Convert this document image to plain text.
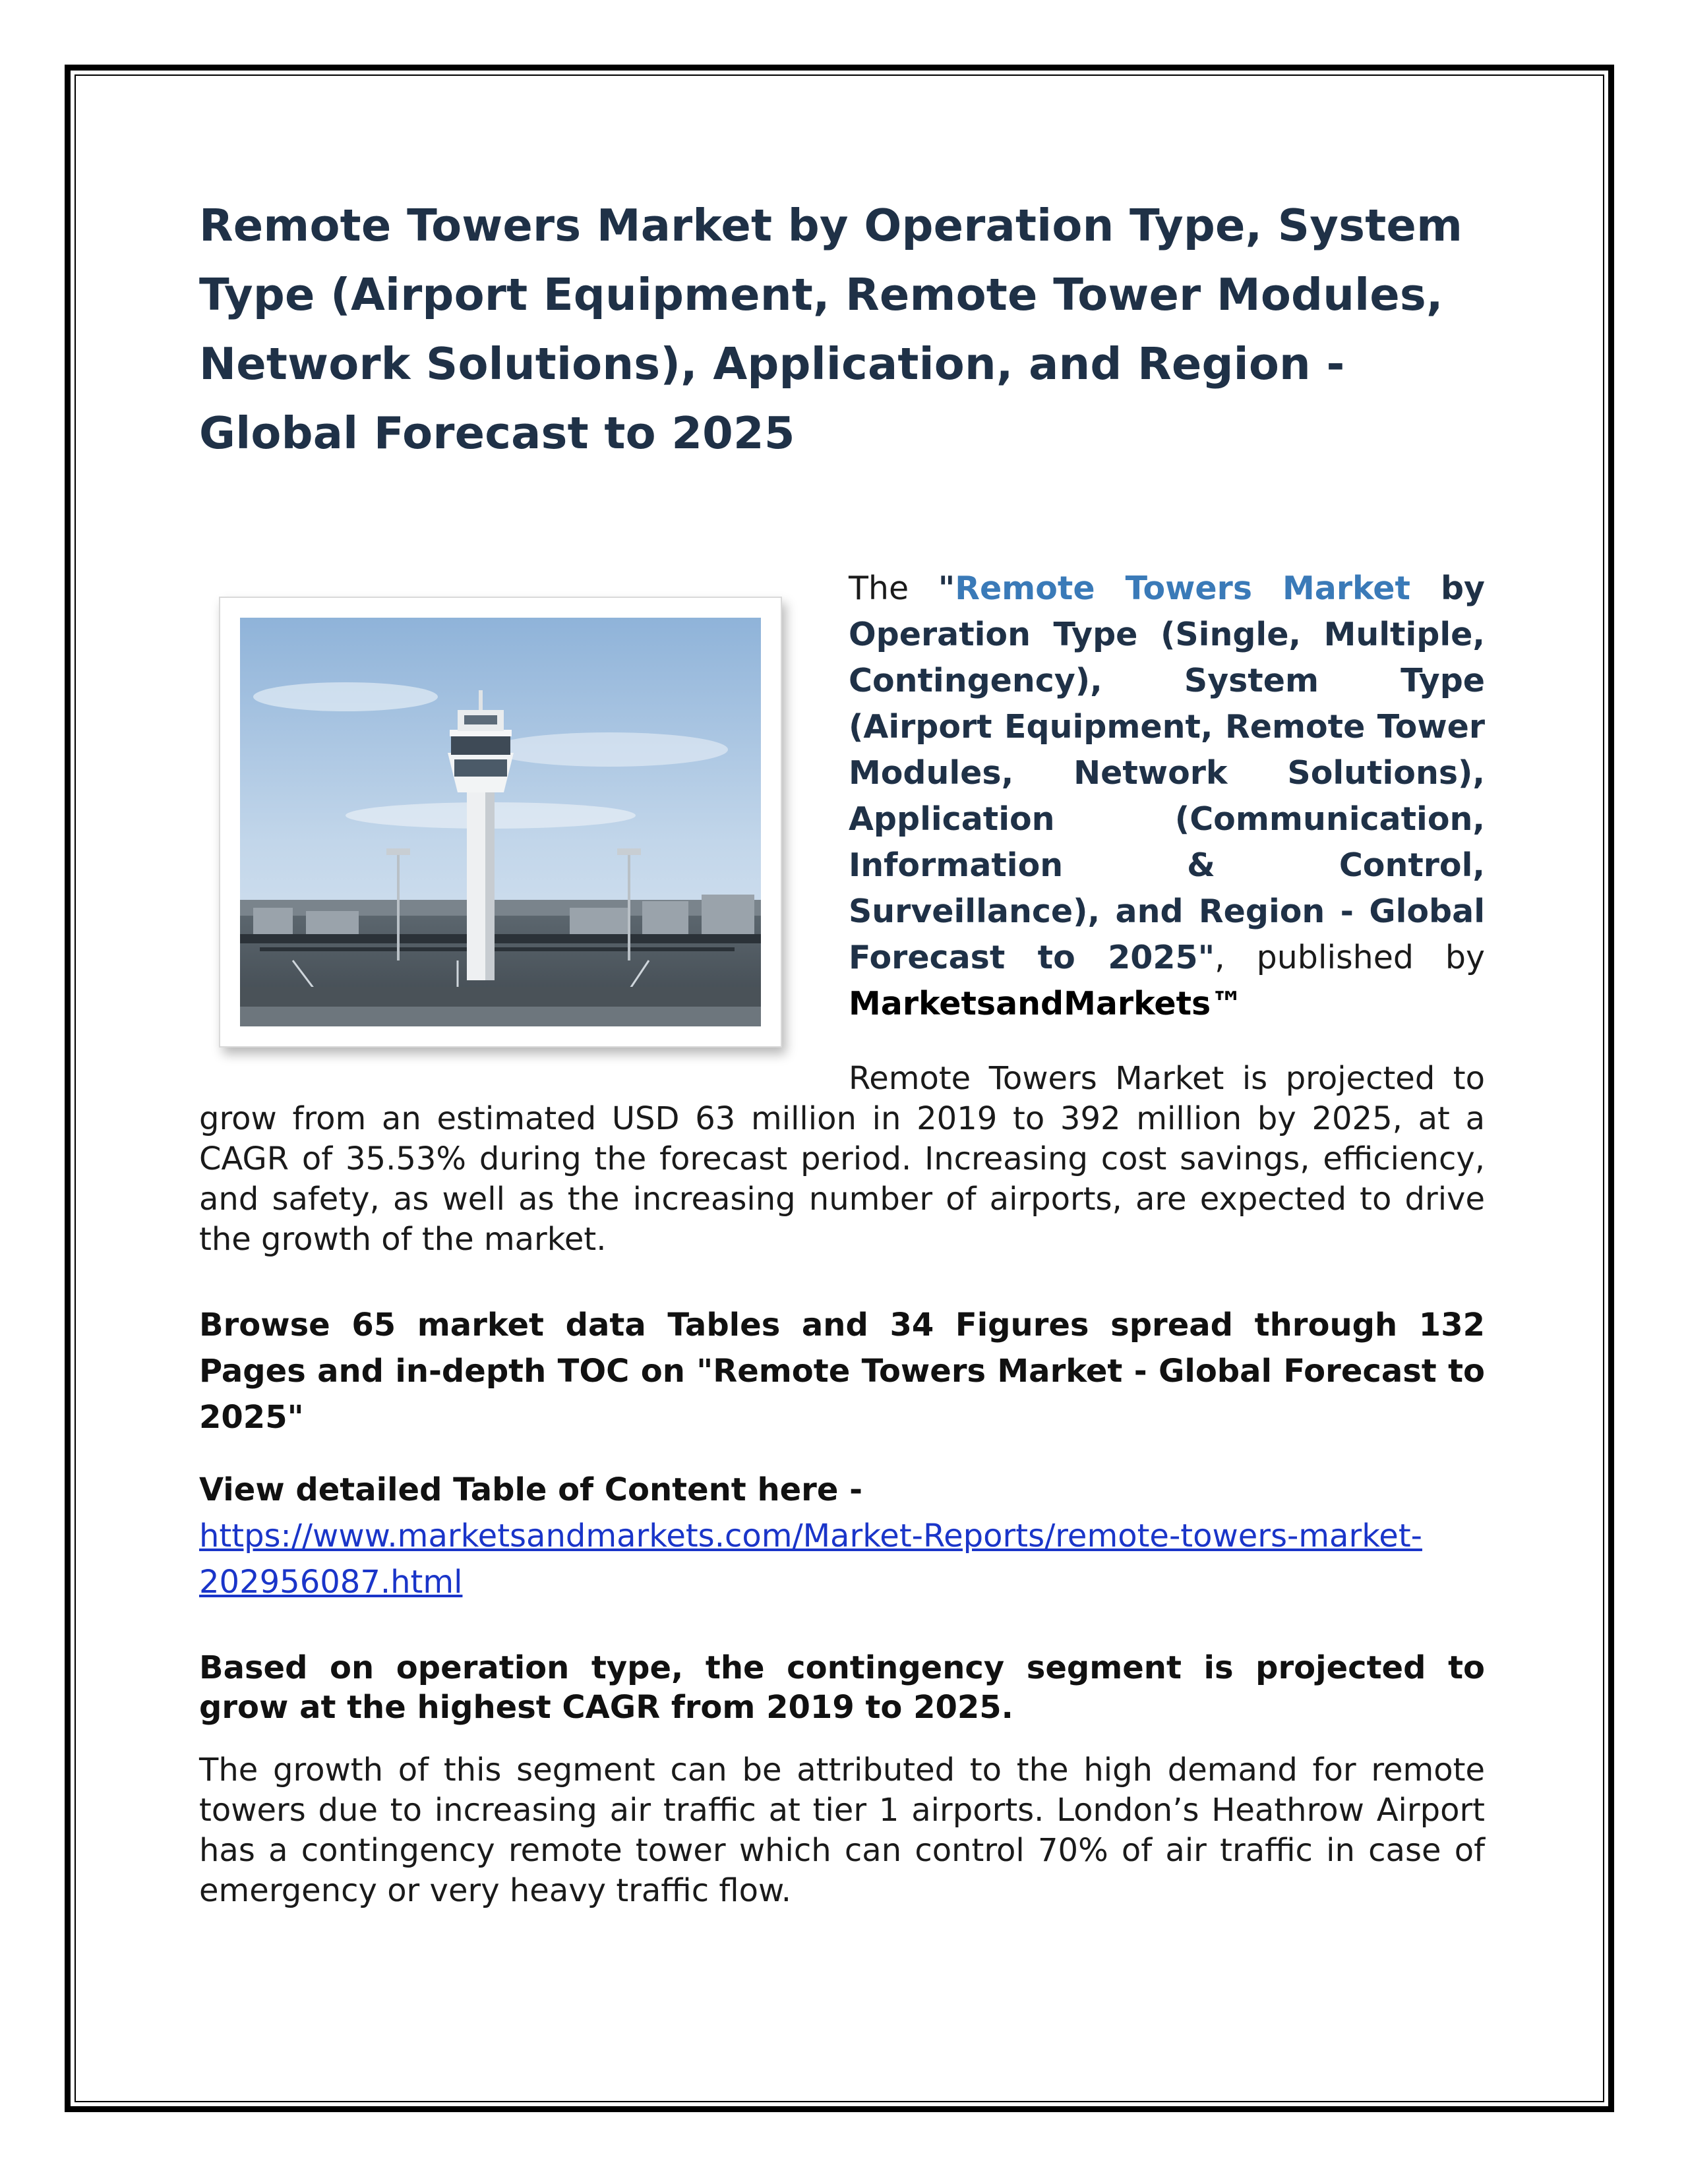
Remote Towers Market by Operation Type, System Type (Airport Equipment, Remote Tower Modules, Network Solutions), Application, and Region - Global Forecast to 2025

The "Remote Towers Market by Operation Type (Single, Multiple, Contingency), System Type (Airport Equipment, Remote Tower Modules, Network Solutions), Application (Communication, Information & Control, Surveillance), and Region - Global Forecast to 2025", published by MarketsandMarkets™

Remote Towers Market is projected to grow from an estimated USD 63 million in 2019 to 392 million by 2025, at a CAGR of 35.53% during the forecast period. Increasing cost savings, efficiency, and safety, as well as the increasing number of airports, are expected to drive the growth of the market.

Browse 65 market data Tables and 34 Figures spread through 132 Pages and in-depth TOC on "Remote Towers Market - Global Forecast to 2025"

View detailed Table of Content here -

https://www.marketsandmarkets.com/Market-Reports/remote-towers-market-202956087.html

Based on operation type, the contingency segment is projected to grow at the highest CAGR from 2019 to 2025.

The growth of this segment can be attributed to the high demand for remote towers due to increasing air traffic at tier 1 airports. London’s Heathrow Airport has a contingency remote tower which can control 70% of air traffic in case of emergency or very heavy traffic flow.
